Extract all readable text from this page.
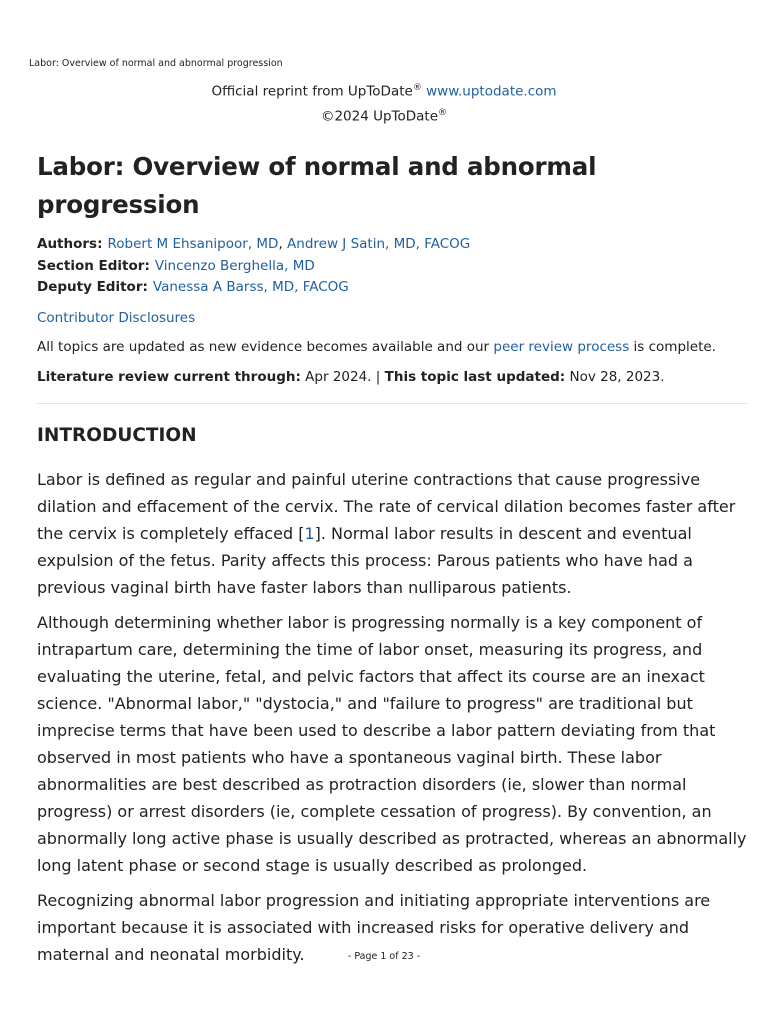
Labor: Overview of normal and abnormal progression
Official reprint from UpToDate® www.uptodate.com
©2024 UpToDate®
Labor: Overview of normal and abnormal progression
Authors: Robert M Ehsanipoor, MD, Andrew J Satin, MD, FACOG
Section Editor: Vincenzo Berghella, MD
Deputy Editor: Vanessa A Barss, MD, FACOG
Contributor Disclosures
All topics are updated as new evidence becomes available and our peer review process is complete.
Literature review current through: Apr 2024. | This topic last updated: Nov 28, 2023.
INTRODUCTION

Labor is defined as regular and painful uterine contractions that cause progressive dilation and effacement of the cervix. The rate of cervical dilation becomes faster after the cervix is completely effaced [1]. Normal labor results in descent and eventual expulsion of the fetus. Parity affects this process: Parous patients who have had a previous vaginal birth have faster labors than nulliparous patients.

Although determining whether labor is progressing normally is a key component of intrapartum care, determining the time of labor onset, measuring its progress, and evaluating the uterine, fetal, and pelvic factors that affect its course are an inexact science. "Abnormal labor," "dystocia," and "failure to progress" are traditional but imprecise terms that have been used to describe a labor pattern deviating from that observed in most patients who have a spontaneous vaginal birth. These labor abnormalities are best described as protraction disorders (ie, slower than normal progress) or arrest disorders (ie, complete cessation of progress). By convention, an abnormally long active phase is usually described as protracted, whereas an abnormally long latent phase or second stage is usually described as prolonged.

Recognizing abnormal labor progression and initiating appropriate interventions are important because it is associated with increased risks for operative delivery and maternal and neonatal morbidity.	- Page 1 of 23 -
